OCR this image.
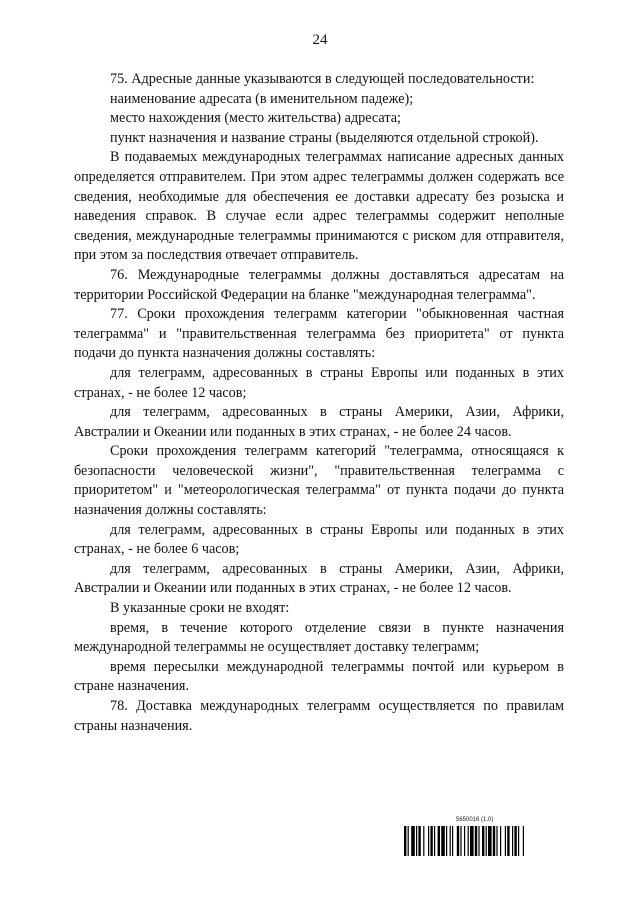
24

75. Адресные данные указываются в следующей последовательности:

наименование адресата (в именительном падеже);

место нахождения (место жительства) адресата;

пункт назначения и название страны (выделяются отдельной строкой).

В подаваемых международных телеграммах написание адресных данных определяется отправителем. При этом адрес телеграммы должен содержать все сведения, необходимые для обеспечения ее доставки адресату без розыска и наведения справок. В случае если адрес телеграммы содержит неполные сведения, международные телеграммы принимаются с риском для отправителя, при этом за последствия отвечает отправитель.

76. Международные телеграммы должны доставляться адресатам на территории Российской Федерации на бланке "международная телеграмма".

77. Сроки прохождения телеграмм категории "обыкновенная частная телеграмма" и "правительственная телеграмма без приоритета" от пункта подачи до пункта назначения должны составлять:

для телеграмм, адресованных в страны Европы или поданных в этих странах, - не более 12 часов;

для телеграмм, адресованных в страны Америки, Азии, Африки, Австралии и Океании или поданных в этих странах, - не более 24 часов.

Сроки прохождения телеграмм категорий "телеграмма, относящаяся к безопасности человеческой жизни", "правительственная телеграмма с приоритетом" и "метеорологическая телеграмма" от пункта подачи до пункта назначения должны составлять:

для телеграмм, адресованных в страны Европы или поданных в этих странах, - не более 6 часов;

для телеграмм, адресованных в страны Америки, Азии, Африки, Австралии и Океании или поданных в этих странах, - не более 12 часов.

В указанные сроки не входят:

время, в течение которого отделение связи в пункте назначения международной телеграммы не осуществляет доставку телеграмм;

время пересылки международной телеграммы почтой или курьером в стране назначения.

78. Доставка международных телеграмм осуществляется по правилам страны назначения.

5650016 (1.0)
